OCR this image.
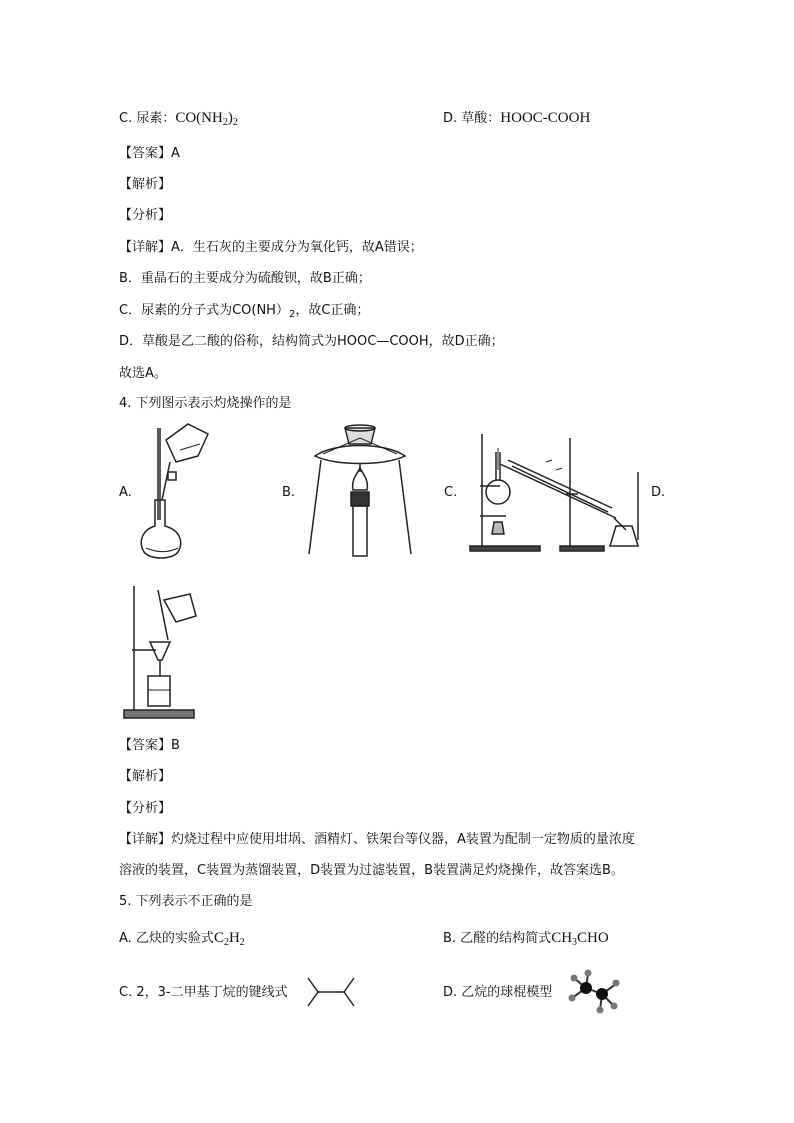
C. 尿素：$CO(NH_2)_2$	D. 草酸：HOOC-COOH
【答案】A
【解析】
【分析】
【详解】A．生石灰的主要成分为氧化钙，故A错误；
B．重晶石的主要成分为硫酸钡，故B正确；
C．尿素的分子式为$CO(NH)_2$，故C正确；
D．草酸是乙二酸的俗称，结构简式为HOOC—COOH，故D正确；
故选A。
4. 下列图示表示灼烧操作的是
A.	B.	C.	D.
【答案】B
【解析】
【分析】
【详解】灼烧过程中应使用坩埚、酒精灯、铁架台等仪器，A装置为配制一定物质的量浓度
溶液的装置，C装置为蒸馏装置，D装置为过滤装置，B装置满足灼烧操作，故答案选B。
5. 下列表示不正确的是
A. 乙炔的实验式$C_2H_2$	B. 乙醛的结构简式$CH_3CHO$
C. 2，3-二甲基丁烷的键线式	D. 乙烷的球棍模型
